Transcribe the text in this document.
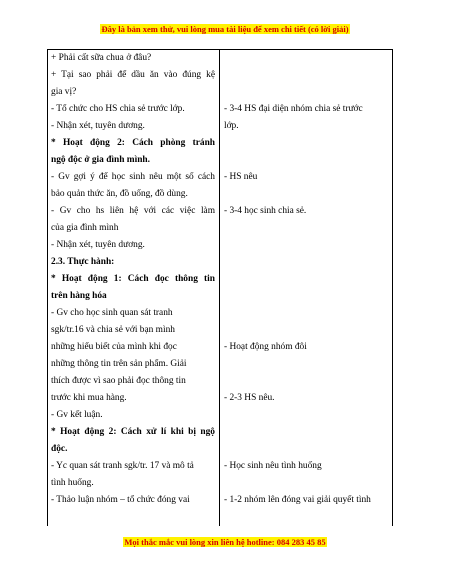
Đây là bản xem thử, vui lòng mua tài liệu để xem chi tiết (có lời giải)
+ Phải cất sữa chua ở đâu?
+ Tại sao phải để dầu ăn vào đúng kệ
gia vị?
- Tổ chức cho HS chia sẻ trước lớp.
- Nhận xét, tuyên dương.
* Hoạt động 2: Cách phòng tránh
ngộ độc ở gia đình mình.
- Gv gợi ý để học sinh nêu một số cách
bảo quản thức ăn, đồ uống, đồ dùng.
- Gv cho hs liên hệ với các việc làm
của gia đình mình
- Nhận xét, tuyên dương.
2.3. Thực hành:
* Hoạt động 1: Cách đọc thông tin
trên hàng hóa
- Gv cho học sinh quan sát tranh
sgk/tr.16 và chia sẻ với bạn mình
những hiểu biết của mình khi đọc
những thông tin trên sản phẩm. Giải
thích được vì sao phải đọc thông tin
trước khi mua hàng.
- Gv kết luận.
* Hoạt động 2: Cách xử lí khi bị ngộ
độc.
- Yc quan sát tranh sgk/tr. 17 và mô tả
tình huống.
- Thảo luận nhóm – tổ chức đóng vai
- 3-4 HS đại diện nhóm chia sẻ trước
lớp.
- HS nêu
- 3-4 học sinh chia sẻ.
- Hoạt động nhóm đôi
- 2-3 HS nêu.
- Học sinh nêu tình huống
- 1-2 nhóm lên đóng vai giải quyết tình
Mọi thắc mắc vui lòng xin liên hệ hotline: 084 283 45 85
